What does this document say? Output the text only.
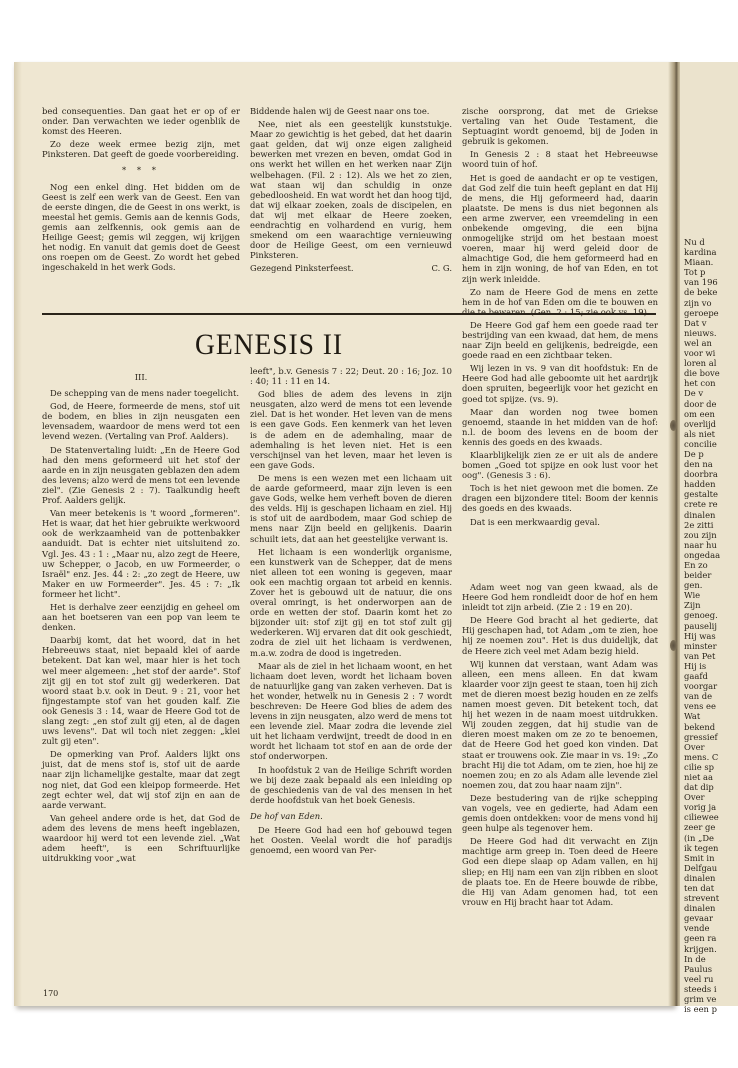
Nu d
kardina
Miaan.
Tot p
van 196
de beke
zijn vo
geroepe
Dat v
nieuws.
wel an
voor wi
loren al
die bove
het con
De v
door de
om een
overlijd
als niet
concilie
De p
den na
doorbra
hadden
gestalte
crete re
dinalen
2e zitti
zou zijn
naar hu
ongedaa
En zo
beider
gen.
Wie
Zijn
genoeg.
pauselij
Hij was
minster
van Pet
Hij is
gaafd
voorgar
van de
vens ee
Wat
bekend
gressief
Over
mens. C
cilie sp
niet aa
dat dip
Over
vorig ja
ciliewee
zeer ge
(in „De
ik tegen
Smit in
Delfgau
dinalen
ten dat
strevent
dinalen
gevaar
vende
geen ra
krijgen.
In de
Paulus
veel ru
steeds i
grim ve
is een p

bed consequenties. Dan gaat het er op of er onder. Dan verwachten we ieder ogenblik de komst des Heeren.

Zo deze week ermee bezig zijn, met Pinksteren. Dat geeft de goede voorbereiding.

* * *

Nog een enkel ding. Het bidden om de Geest is zelf een werk van de Geest. Een van de eerste dingen, die de Geest in ons werkt, is meestal het gemis. Gemis aan de kennis Gods, gemis aan zelfkennis, ook gemis aan de Heilige Geest; gemis wil zeggen, wij krijgen het nodig. En vanuit dat gemis doet de Geest ons roepen om de Geest. Zo wordt het gebed ingeschakeld in het werk Gods.

Biddende halen wij de Geest naar ons toe.

Nee, niet als een geestelijk kunststukje. Maar zo gewichtig is het gebed, dat het daarin gaat gelden, dat wij onze eigen zaligheid bewerken met vrezen en beven, omdat God in ons werkt het willen en het werken naar Zijn welbehagen. (Fil. 2 : 12). Als we het zo zien, wat staan wij dan schuldig in onze gebedloosheid. En wat wordt het dan hoog tijd, dat wij elkaar zoeken, zoals de discipelen, en dat wij met elkaar de Heere zoeken, eendrachtig en volhardend en vurig, hem smekend om een waarachtige vernieuwing door de Heilige Geest, om een vernieuwd Pinksteren.

Gezegend Pinksterfeest.	C. G.

zische oorsprong, dat met de Griekse vertaling van het Oude Testament, die Septuagint wordt genoemd, bij de Joden in gebruik is gekomen.

In Genesis 2 : 8 staat het Hebreeuwse woord tuin of hof.

Het is goed de aandacht er op te vestigen, dat God zelf die tuin heeft geplant en dat Hij de mens, die Hij geformeerd had, daarin plaatste. De mens is dus niet begonnen als een arme zwerver, een vreemdeling in een onbekende omgeving, die een bijna onmogelijke strijd om het bestaan moest voeren, maar hij werd geleid door de almachtige God, die hem geformeerd had en hem in zijn woning, de hof van Eden, en tot zijn werk inleidde.

Zo nam de Heere God de mens en zette hem in de hof van Eden om die te bouwen en die te bewaren. (Gen. 2 : 15; zie ook vs. 19).

De Heere God gaf hem een goede raad ter bestrijding van een kwaad, dat hem, de mens naar Zijn beeld en gelijkenis, bedreigde, een goede raad en een zichtbaar teken.

Wij lezen in vs. 9 van dit hoofdstuk: En de Heere God had alle geboomte uit het aardrijk doen spruiten, begeerlijk voor het gezicht en goed tot spijze. (vs. 9).

Maar dan worden nog twee bomen genoemd, staande in het midden van de hof: n.l. de boom des levens en de boom der kennis des goeds en des kwaads.

Klaarblijkelijk zien ze er uit als de andere bomen „Goed tot spijze en ook lust voor het oog". (Genesis 3 : 6).

Toch is het niet gewoon met die bomen. Ze dragen een bijzondere titel: Boom der kennis des goeds en des kwaads.

Dat is een merkwaardig geval.

GENESIS II

III.

De schepping van de mens nader toegelicht.

God, de Heere, formeerde de mens, stof uit de bodem, en blies in zijn neusgaten een levensadem, waardoor de mens werd tot een levend wezen. (Vertaling van Prof. Aalders).

De Statenvertaling luidt: „En de Heere God had den mens geformeerd uit het stof der aarde en in zijn neusgaten geblazen den adem des levens; alzo werd de mens tot een levende ziel". (Zie Genesis 2 : 7). Taalkundig heeft Prof. Aalders gelijk.

Van meer betekenis is 't woord „formeren". Het is waar, dat het hier gebruikte werkwoord ook de werkzaamheid van de pottenbakker aanduidt. Dat is echter niet uitsluitend zo. Vgl. Jes. 43 : 1 : „Maar nu, alzo zegt de Heere, uw Schepper, o Jacob, en uw Formeerder, o Israël" enz. Jes. 44 : 2: „zo zegt de Heere, uw Maker en uw Formeerder". Jes. 45 : 7: „Ik formeer het licht".

Het is derhalve zeer eenzijdig en geheel om aan het boetseren van een pop van leem te denken.

Daarbij komt, dat het woord, dat in het Hebreeuws staat, niet bepaald klei of aarde betekent. Dat kan wel, maar hier is het toch wel meer algemeen: „het stof der aarde". Stof zijt gij en tot stof zult gij wederkeren. Dat woord staat b.v. ook in Deut. 9 : 21, voor het fijngestampte stof van het gouden kalf. Zie ook Genesis 3 : 14, waar de Heere God tot de slang zegt: „en stof zult gij eten, al de dagen uws levens". Dat wil toch niet zeggen: „klei zult gij eten".

De opmerking van Prof. Aalders lijkt ons juist, dat de mens stof is, stof uit de aarde naar zijn lichamelijke gestalte, maar dat zegt nog niet, dat God een kleipop formeerde. Het zegt echter wel, dat wij stof zijn en aan de aarde verwant.

Van geheel andere orde is het, dat God de adem des levens de mens heeft ingeblazen, waardoor hij werd tot een levende ziel. „Wat adem heeft", is een Schriftuurlijke uitdrukking voor „wat

leeft", b.v. Genesis 7 : 22; Deut. 20 : 16; Joz. 10 : 40; 11 : 11 en 14.

God blies de adem des levens in zijn neusgaten, alzo werd de mens tot een levende ziel. Dat is het wonder. Het leven van de mens is een gave Gods. Een kenmerk van het leven is de adem en de ademhaling, maar de ademhaling is het leven niet. Het is een verschijnsel van het leven, maar het leven is een gave Gods.

De mens is een wezen met een lichaam uit de aarde geformeerd, maar zijn leven is een gave Gods, welke hem verheft boven de dieren des velds. Hij is geschapen lichaam en ziel. Hij is stof uit de aardbodem, maar God schiep de mens naar Zijn beeld en gelijkenis. Daarin schuilt iets, dat aan het geestelijke verwant is.

Het lichaam is een wonderlijk organisme, een kunstwerk van de Schepper, dat de mens niet alleen tot een woning is gegeven, maar ook een machtig orgaan tot arbeid en kennis. Zover het is gebouwd uit de natuur, die ons overal omringt, is het onderworpen aan de orde en wetten der stof. Daarin komt het zo bijzonder uit: stof zijt gij en tot stof zult gij wederkeren. Wij ervaren dat dit ook geschiedt, zodra de ziel uit het lichaam is verdwenen, m.a.w. zodra de dood is ingetreden.

Maar als de ziel in het lichaam woont, en het lichaam doet leven, wordt het lichaam boven de natuurlijke gang van zaken verheven. Dat is het wonder, hetwelk nu in Genesis 2 : 7 wordt beschreven: De Heere God blies de adem des levens in zijn neusgaten, alzo werd de mens tot een levende ziel. Maar zodra die levende ziel uit het lichaam verdwijnt, treedt de dood in en wordt het lichaam tot stof en aan de orde der stof onderworpen.

In hoofdstuk 2 van de Heilige Schrift worden we bij deze zaak bepaald als een inleiding op de geschiedenis van de val des mensen in het derde hoofdstuk van het boek Genesis.

De hof van Eden.

De Heere God had een hof gebouwd tegen het Oosten. Veelal wordt die hof paradijs genoemd, een woord van Per-

Adam weet nog van geen kwaad, als de Heere God hem rondleidt door de hof en hem inleidt tot zijn arbeid. (Zie 2 : 19 en 20).

De Heere God bracht al het gedierte, dat Hij geschapen had, tot Adam „om te zien, hoe hij ze noemen zou". Het is dus duidelijk, dat de Heere zich veel met Adam bezig hield.

Wij kunnen dat verstaan, want Adam was alleen, een mens alleen. En dat kwam klaarder voor zijn geest te staan, toen hij zich met de dieren moest bezig houden en ze zelfs namen moest geven. Dit betekent toch, dat hij het wezen in de naam moest uitdrukken. Wij zouden zeggen, dat hij studie van de dieren moest maken om ze zo te benoemen, dat de Heere God het goed kon vinden. Dat staat er trouwens ook. Zie maar in vs. 19: „Zo bracht Hij die tot Adam, om te zien, hoe hij ze noemen zou; en zo als Adam alle levende ziel noemen zou, dat zou haar naam zijn".

Deze bestudering van de rijke schepping van vogels, vee en gedierte, had Adam een gemis doen ontdekken: voor de mens vond hij geen hulpe als tegenover hem.

De Heere God had dit verwacht en Zijn machtige arm greep in. Toen deed de Heere God een diepe slaap op Adam vallen, en hij sliep; en Hij nam een van zijn ribben en sloot de plaats toe. En de Heere bouwde de ribbe, die Hij van Adam genomen had, tot een vrouw en Hij bracht haar tot Adam.

170
